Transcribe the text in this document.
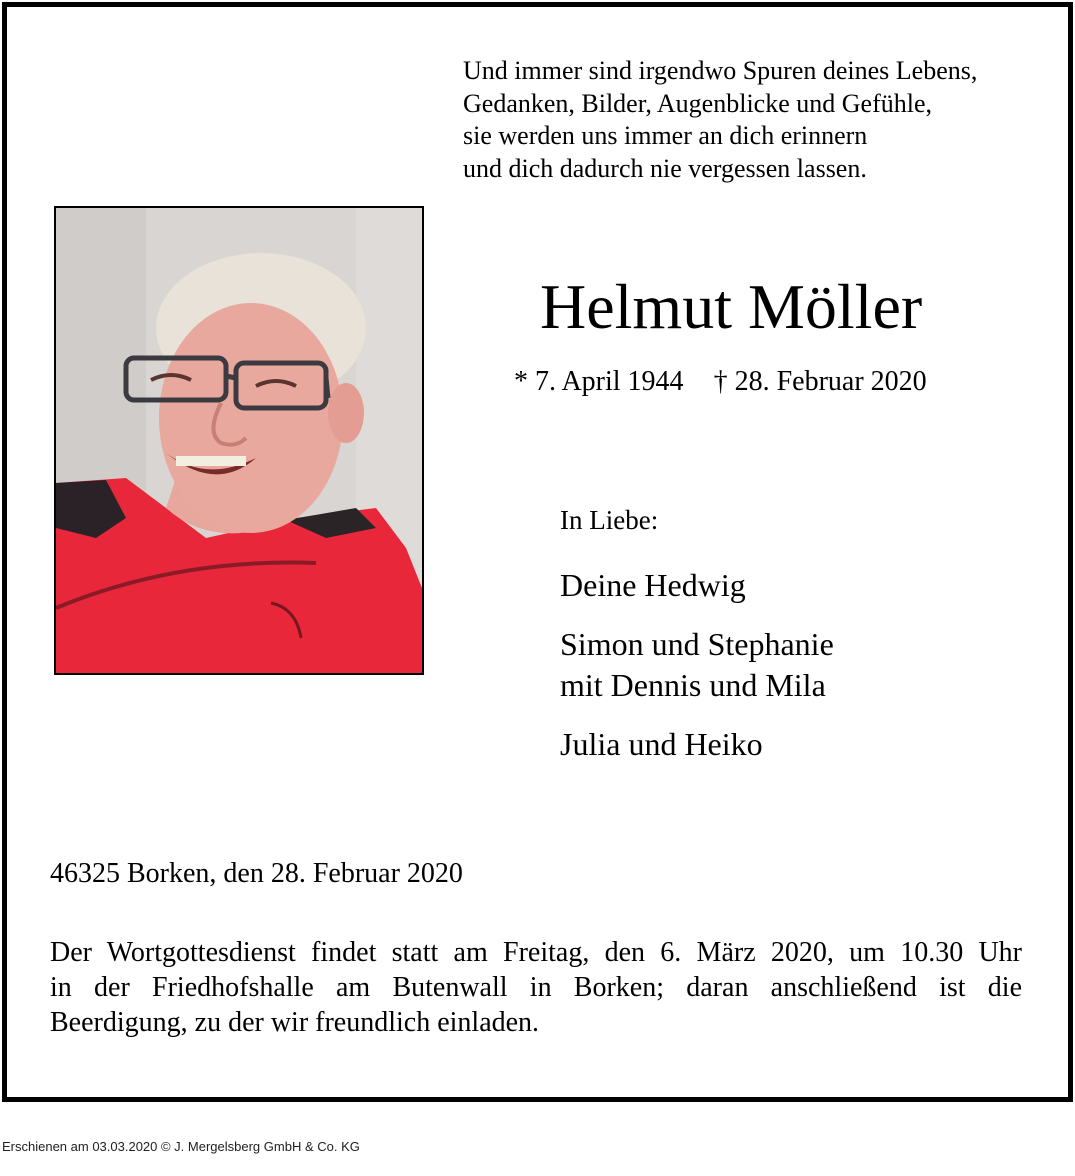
Und immer sind irgendwo Spuren deines Lebens,
Gedanken, Bilder, Augenblicke und Gefühle,
sie werden uns immer an dich erinnern
und dich dadurch nie vergessen lassen.
Helmut Möller
* 7. April 1944 † 28. Februar 2020
In Liebe:
Deine Hedwig
Simon und Stephanie
mit Dennis und Mila
Julia und Heiko
46325 Borken, den 28. Februar 2020
Der Wortgottesdienst findet statt am Freitag, den 6. März 2020, um 10.30 Uhr
in der Friedhofshalle am Butenwall in Borken; daran anschließend ist die
Beerdigung, zu der wir freundlich einladen.
Erschienen am 03.03.2020 © J. Mergelsberg GmbH & Co. KG
